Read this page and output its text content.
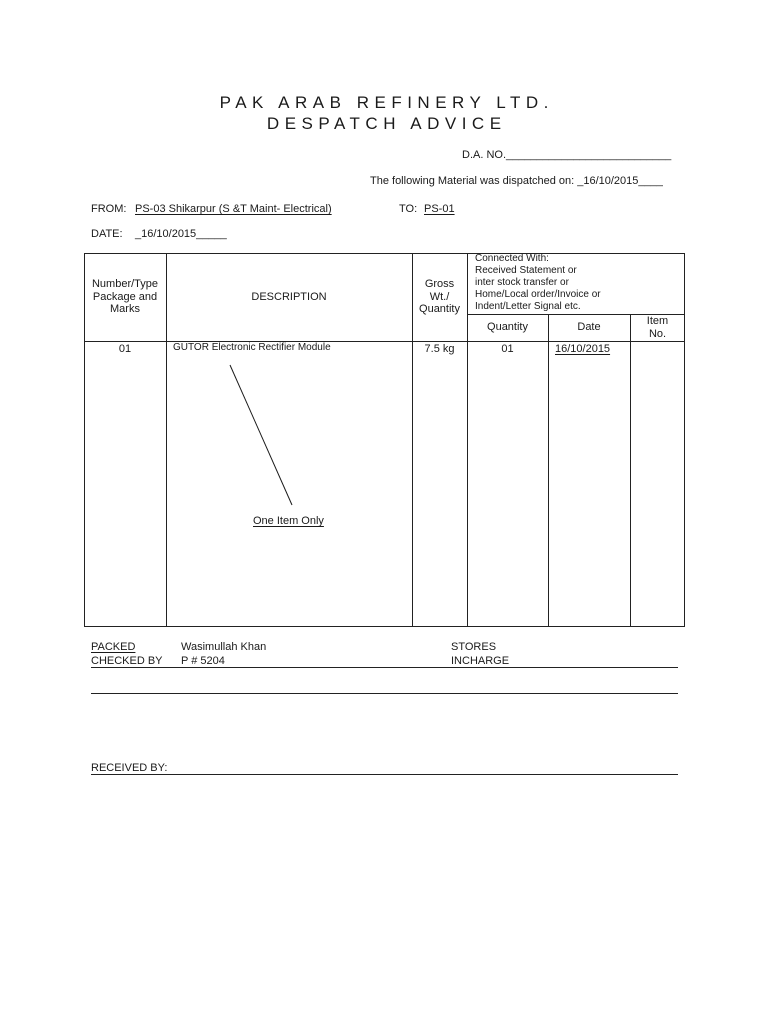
PAK ARAB REFINERY LTD.
DESPATCH ADVICE
D.A. NO.___________________________
The following Material was dispatched on: _16/10/2015____
FROM: PS-03 Shikarpur (S &T Maint- Electrical)	TO: PS-01
DATE: _16/10/2015_____
Number/Type
Package and
Marks
DESCRIPTION
Gross
Wt./
Quantity
Connected With:
Received Statement or
inter stock transfer or
Home/Local order/Invoice or
Indent/Letter Signal etc.
Quantity	Date
Item
No.
01	GUTOR Electronic Rectifier Module	7.5 kg	01	16/10/2015
One Item Only
PACKED	Wasimullah Khan	STORES
CHECKED BY P # 5204	INCHARGE
RECEIVED BY:
